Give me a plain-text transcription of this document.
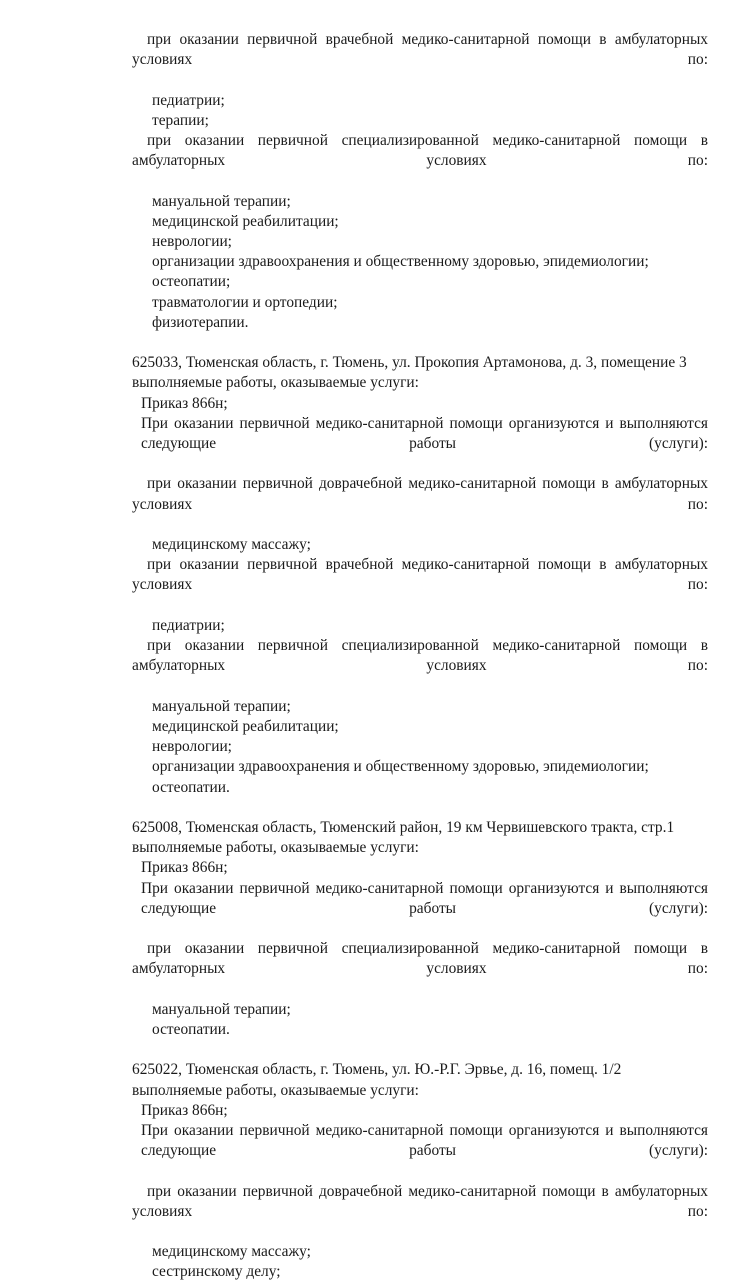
при оказании первичной врачебной медико-санитарной помощи в амбулаторных условиях по:

педиатрии;

терапии;

при оказании первичной специализированной медико-санитарной помощи в амбулаторных условиях по:

мануальной терапии;

медицинской реабилитации;

неврологии;

организации здравоохранения и общественному здоровью, эпидемиологии;

остеопатии;

травматологии и ортопедии;

физиотерапии.

625033, Тюменская область, г. Тюмень, ул. Прокопия Артамонова, д. 3, помещение 3

выполняемые работы, оказываемые услуги:

Приказ 866н;

При оказании первичной медико-санитарной помощи организуются и выполняются следующие работы (услуги):

при оказании первичной доврачебной медико-санитарной помощи в амбулаторных условиях по:

медицинскому массажу;

при оказании первичной врачебной медико-санитарной помощи в амбулаторных условиях по:

педиатрии;

при оказании первичной специализированной медико-санитарной помощи в амбулаторных условиях по:

мануальной терапии;

медицинской реабилитации;

неврологии;

организации здравоохранения и общественному здоровью, эпидемиологии;

остеопатии.

625008, Тюменская область, Тюменский район, 19 км Червишевского тракта, стр.1

выполняемые работы, оказываемые услуги:

Приказ 866н;

При оказании первичной медико-санитарной помощи организуются и выполняются следующие работы (услуги):

при оказании первичной специализированной медико-санитарной помощи в амбулаторных условиях по:

мануальной терапии;

остеопатии.

625022, Тюменская область, г. Тюмень, ул. Ю.-Р.Г. Эрвье, д. 16, помещ. 1/2

выполняемые работы, оказываемые услуги:

Приказ 866н;

При оказании первичной медико-санитарной помощи организуются и выполняются следующие работы (услуги):

при оказании первичной доврачебной медико-санитарной помощи в амбулаторных условиях по:

медицинскому массажу;

сестринскому делу;
